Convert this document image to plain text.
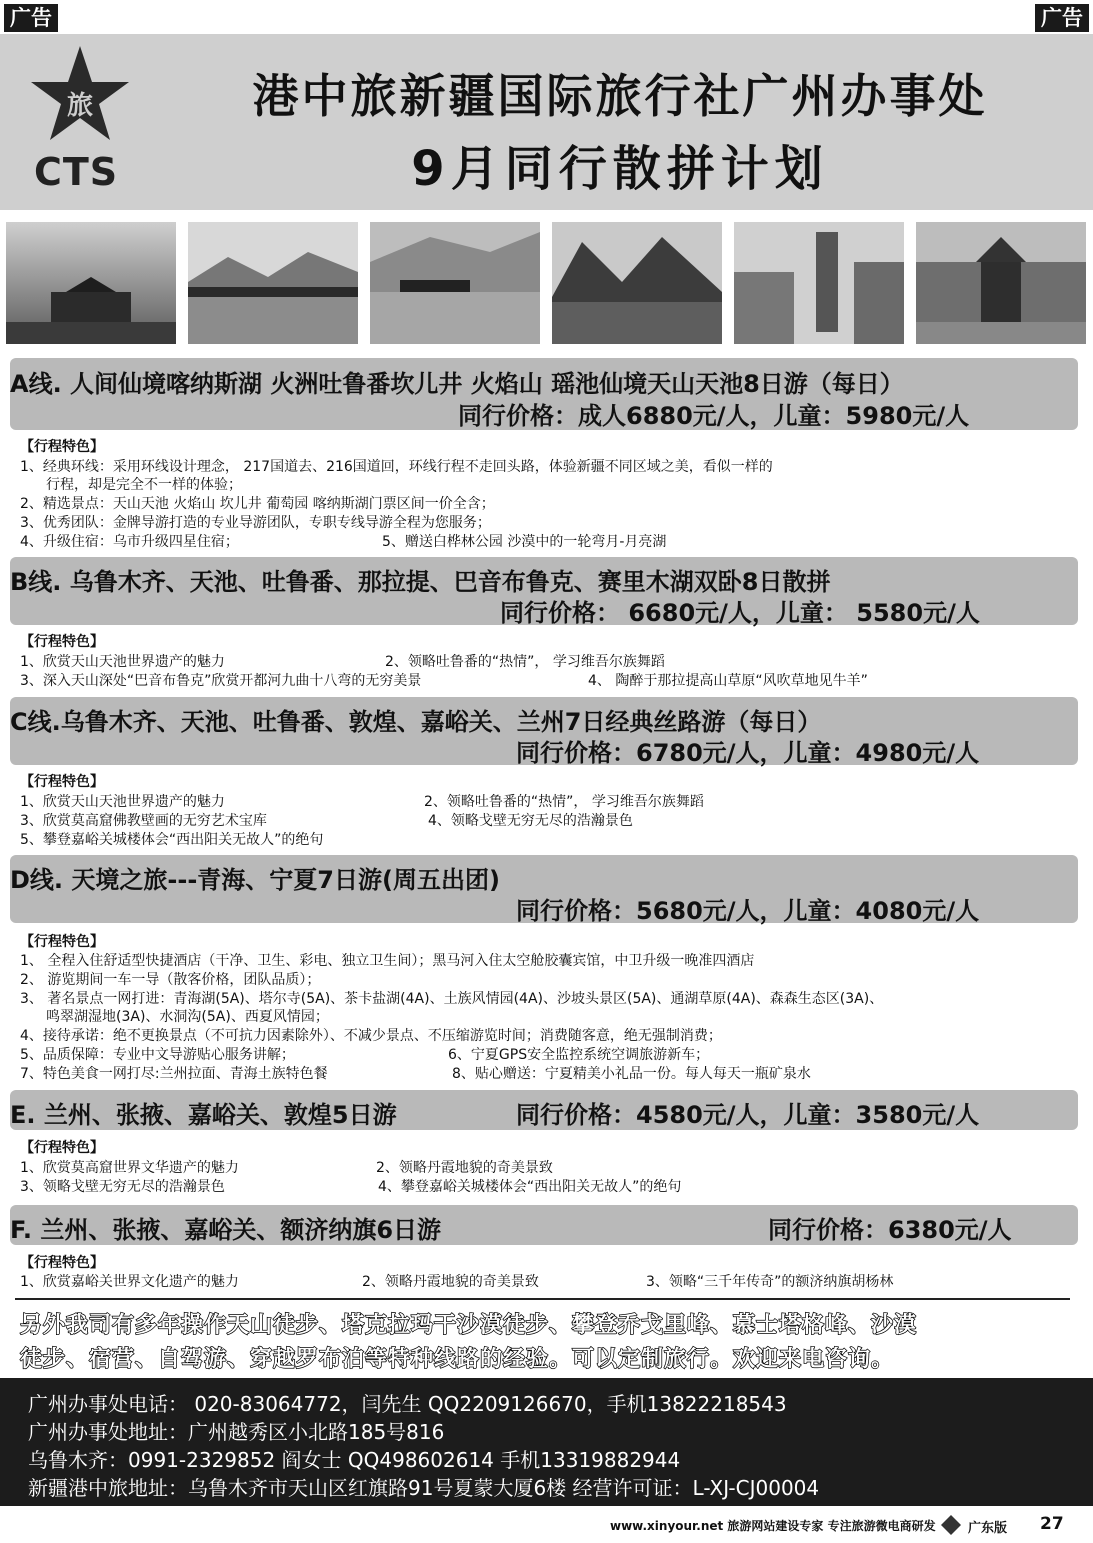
广告	广告
旅
CTS
港中旅新疆国际旅行社广州办事处
9月同行散拼计划
A线. 人间仙境喀纳斯湖 火洲吐鲁番坎儿井 火焰山 瑶池仙境天山天池8日游（每日）
同行价格：成人6880元/人，儿童：5980元/人
【行程特色】
1、经典环线：采用环线设计理念， 217国道去、216国道回，环线行程不走回头路，体验新疆不同区域之美，看似一样的
行程，却是完全不一样的体验；
2、精选景点：天山天池 火焰山 坎儿井 葡萄园 喀纳斯湖门票区间一价全含；
3、优秀团队：金牌导游打造的专业导游团队，专职专线导游全程为您服务；
4、升级住宿：乌市升级四星住宿；	5、赠送白桦林公园 沙漠中的一轮弯月-月亮湖
B线. 乌鲁木齐、天池、吐鲁番、那拉提、巴音布鲁克、赛里木湖双卧8日散拼
同行价格： 6680元/人，儿童： 5580元/人
【行程特色】
1、欣赏天山天池世界遗产的魅力	2、领略吐鲁番的“热情”， 学习维吾尔族舞蹈
3、深入天山深处“巴音布鲁克”欣赏开都河九曲十八弯的无穷美景	4、 陶醉于那拉提高山草原“风吹草地见牛羊”
C线.乌鲁木齐、天池、吐鲁番、敦煌、嘉峪关、兰州7日经典丝路游（每日）
同行价格：6780元/人，儿童：4980元/人
【行程特色】
1、欣赏天山天池世界遗产的魅力	2、领略吐鲁番的“热情”， 学习维吾尔族舞蹈
3、欣赏莫高窟佛教壁画的无穷艺术宝库	4、领略戈壁无穷无尽的浩瀚景色
5、攀登嘉峪关城楼体会“西出阳关无故人”的绝句
D线. 天境之旅---青海、宁夏7日游(周五出团)
同行价格：5680元/人，儿童：4080元/人
【行程特色】
1、 全程入住舒适型快捷酒店（干净、卫生、彩电、独立卫生间）；黑马河入住太空舱胶囊宾馆，中卫升级一晚准四酒店
2、 游览期间一车一导（散客价格，团队品质）；
3、 著名景点一网打进：青海湖(5A)、塔尔寺(5A)、茶卡盐湖(4A)、土族风情园(4A)、沙坡头景区(5A)、通湖草原(4A)、森森生态区(3A)、
鸣翠湖湿地(3A)、水洞沟(5A)、西夏风情园；
4、接待承诺：绝不更换景点（不可抗力因素除外）、不减少景点、不压缩游览时间；消费随客意，绝无强制消费；
5、品质保障：专业中文导游贴心服务讲解；	6、宁夏GPS安全监控系统空调旅游新车；
7、特色美食一网打尽:兰州拉面、青海土族特色餐	8、贴心赠送：宁夏精美小礼品一份。每人每天一瓶矿泉水
E. 兰州、张掖、嘉峪关、敦煌5日游	同行价格：4580元/人，儿童：3580元/人
【行程特色】
1、欣赏莫高窟世界文华遗产的魅力	2、领略丹霞地貌的奇美景致
3、领略戈壁无穷无尽的浩瀚景色	4、攀登嘉峪关城楼体会“西出阳关无故人”的绝句
F. 兰州、张掖、嘉峪关、额济纳旗6日游	同行价格：6380元/人
【行程特色】
1、欣赏嘉峪关世界文化遗产的魅力	2、领略丹霞地貌的奇美景致	3、领略“三千年传奇”的额济纳旗胡杨林
另外我司有多年操作天山徒步、塔克拉玛干沙漠徒步、攀登乔戈里峰、慕士塔格峰、沙漠
徒步、宿营、自驾游、穿越罗布泊等特种线路的经验。可以定制旅行。欢迎来电咨询。
广州办事处电话： 020-83064772，闫先生 QQ2209126670，手机13822218543
广州办事处地址：广州越秀区小北路185号816
乌鲁木齐：0991-2329852 阎女士 QQ498602614 手机13319882944
新疆港中旅地址：乌鲁木齐市天山区红旗路91号夏蒙大厦6楼 经营许可证：L-XJ-CJ00004
www.xinyour.net 旅游网站建设专家 专注旅游微电商研发 广东版 27
